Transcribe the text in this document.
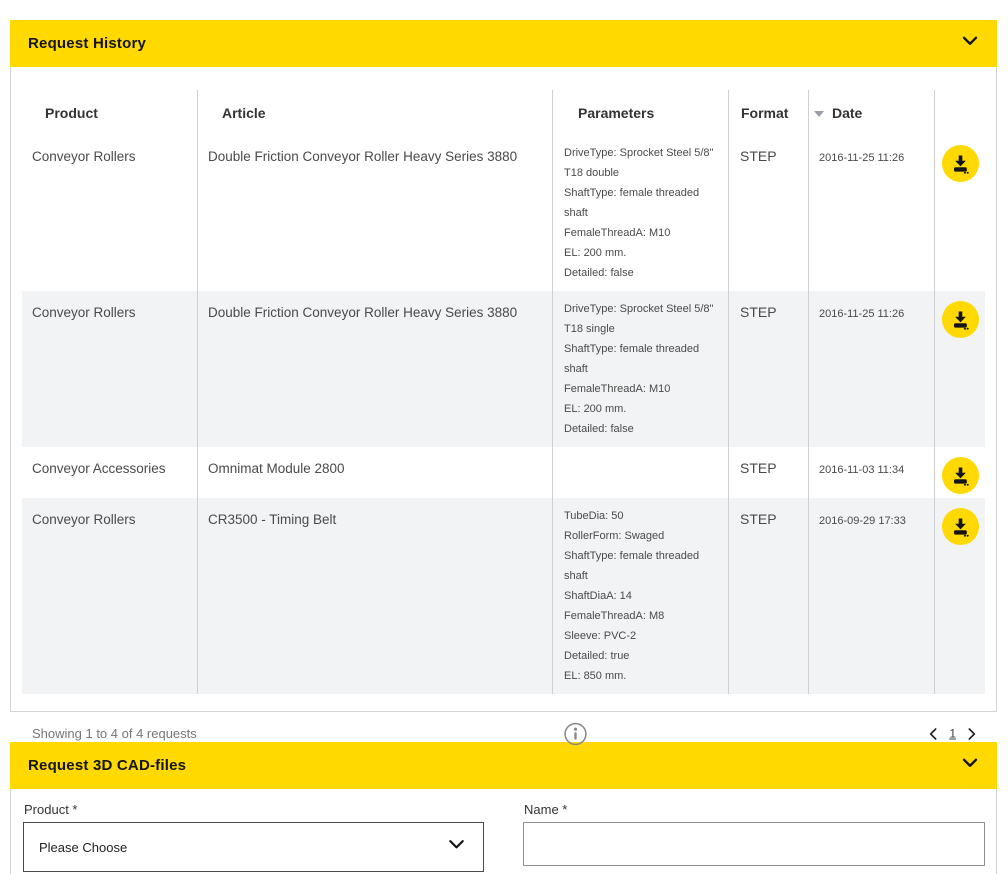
Request History
Product	Article	Parameters	Format	Date
Conveyor Rollers	Double Friction Conveyor Roller Heavy Series 3880	DriveType: Sprocket Steel 5/8" T18 double
ShaftType: female threaded shaft
FemaleThreadA: M10
EL: 200 mm.
Detailed: false
STEP	2016-11-25 11:26
Conveyor Rollers	Double Friction Conveyor Roller Heavy Series 3880	DriveType: Sprocket Steel 5/8" T18 single
ShaftType: female threaded shaft
FemaleThreadA: M10
EL: 200 mm.
Detailed: false
STEP	2016-11-25 11:26
Conveyor Accessories	Omnimat Module 2800	STEP	2016-11-03 11:34
Conveyor Rollers	CR3500 - Timing Belt	TubeDia: 50
RollerForm: Swaged
ShaftType: female threaded shaft
ShaftDiaA: 14
FemaleThreadA: M8
Sleeve: PVC-2
Detailed: true
EL: 850 mm.
STEP	2016-09-29 17:33
Showing 1 to 4 of 4 requests	1
Request 3D CAD-files
Product *
Please Choose
Name *
